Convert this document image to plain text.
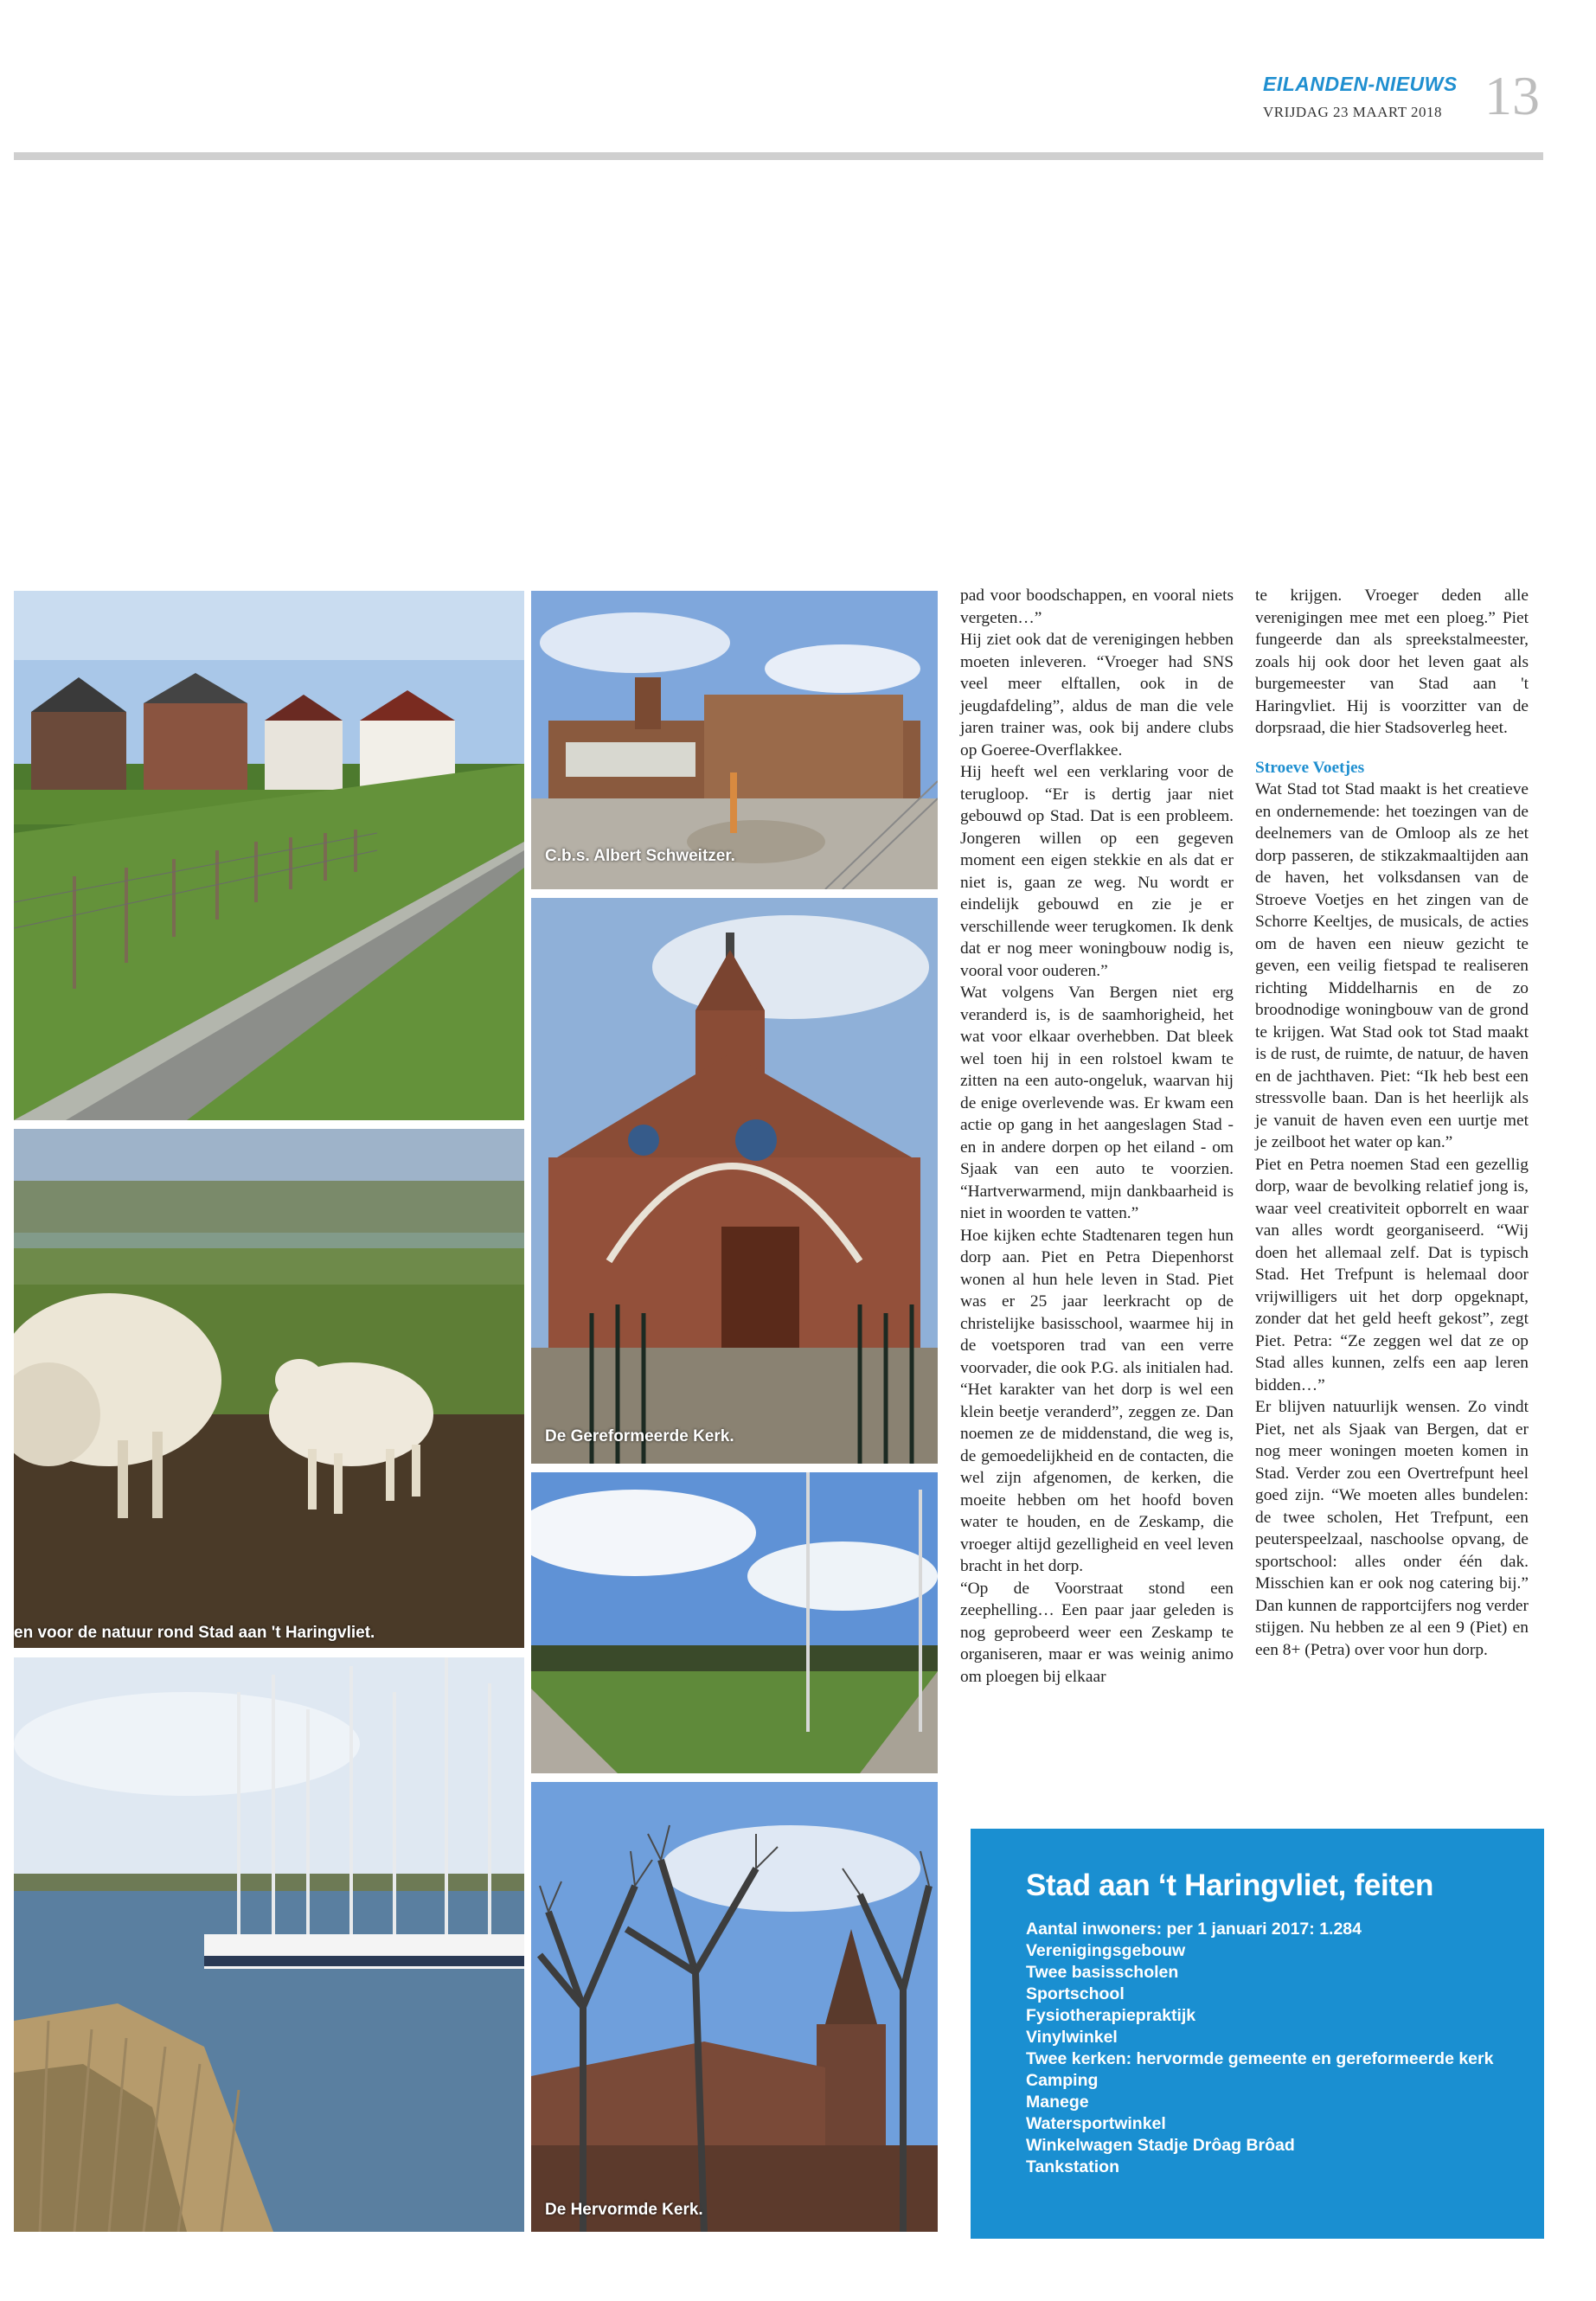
EILANDEN-NIEUWS
VRIJDAG 23 MAART 2018 13
en voor de natuur rond Stad aan 't Haringvliet.
C.b.s. Albert Schweitzer.
De Gereformeerde Kerk.
De Hervormde Kerk.

pad voor boodschappen, en vooral niets vergeten…”

Hij ziet ook dat de verenigingen hebben moeten inleveren. “Vroeger had SNS veel meer elftallen, ook in de jeugdafdeling”, aldus de man die vele jaren trainer was, ook bij andere clubs op Goeree-Overflakkee.

Hij heeft wel een verklaring voor de terugloop. “Er is dertig jaar niet gebouwd op Stad. Dat is een probleem. Jongeren willen op een gegeven moment een eigen stekkie en als dat er niet is, gaan ze weg. Nu wordt er eindelijk gebouwd en zie je er verschillende weer terugkomen. Ik denk dat er nog meer woningbouw nodig is, vooral voor ouderen.”

Wat volgens Van Bergen niet erg veranderd is, is de saamhorigheid, het wat voor elkaar overhebben. Dat bleek wel toen hij in een rolstoel kwam te zitten na een auto-ongeluk, waarvan hij de enige overlevende was. Er kwam een actie op gang in het aangeslagen Stad - en in andere dorpen op het eiland - om Sjaak van een auto te voorzien. “Hartverwarmend, mijn dankbaarheid is niet in woorden te vatten.”

Hoe kijken echte Stadtenaren tegen hun dorp aan. Piet en Petra Diepenhorst wonen al hun hele leven in Stad. Piet was er 25 jaar leerkracht op de christelijke basisschool, waarmee hij in de voetsporen trad van een verre voorvader, die ook P.G. als initialen had. “Het karakter van het dorp is wel een klein beetje veranderd”, zeggen ze. Dan noemen ze de middenstand, die weg is, de gemoedelijkheid en de contacten, die wel zijn afgenomen, de kerken, die moeite hebben om het hoofd boven water te houden, en de Zeskamp, die vroeger altijd gezelligheid en veel leven bracht in het dorp.

“Op de Voorstraat stond een zeephelling… Een paar jaar geleden is nog geprobeerd weer een Zeskamp te organiseren, maar er was weinig animo om ploegen bij elkaar

te krijgen. Vroeger deden alle verenigingen mee met een ploeg.” Piet fungeerde dan als spreekstalmeester, zoals hij ook door het leven gaat als burgemeester van Stad aan 't Haringvliet. Hij is voorzitter van de dorpsraad, die hier Stadsoverleg heet.

Stroeve Voetjes

Wat Stad tot Stad maakt is het creatieve en ondernemende: het toezingen van de deelnemers van de Omloop als ze het dorp passeren, de stikzakmaaltijden aan de haven, het volksdansen van de Stroeve Voetjes en het zingen van de Schorre Keeltjes, de musicals, de acties om de haven een nieuw gezicht te geven, een veilig fietspad te realiseren richting Middelharnis en de zo broodnodige woningbouw van de grond te krijgen. Wat Stad ook tot Stad maakt is de rust, de ruimte, de natuur, de haven en de jachthaven. Piet: “Ik heb best een stressvolle baan. Dan is het heerlijk als je vanuit de haven even een uurtje met je zeilboot het water op kan.”

Piet en Petra noemen Stad een gezellig dorp, waar de bevolking relatief jong is, waar veel creativiteit opborrelt en waar van alles wordt georganiseerd. “Wij doen het allemaal zelf. Dat is typisch Stad. Het Trefpunt is helemaal door vrijwilligers uit het dorp opgeknapt, zonder dat het geld heeft gekost”, zegt Piet. Petra: “Ze zeggen wel dat ze op Stad alles kunnen, zelfs een aap leren bidden…”

Er blijven natuurlijk wensen. Zo vindt Piet, net als Sjaak van Bergen, dat er nog meer woningen moeten komen in Stad. Verder zou een Overtrefpunt heel goed zijn. “We moeten alles bundelen: de twee scholen, Het Trefpunt, een peuterspeelzaal, naschoolse opvang, de sportschool: alles onder één dak. Misschien kan er ook nog catering bij.” Dan kunnen de rapportcijfers nog verder stijgen. Nu hebben ze al een 9 (Piet) en een 8+ (Petra) over voor hun dorp.

Stad aan ‘t Haringvliet, feiten
Aantal inwoners: per 1 januari 2017: 1.284
Verenigingsgebouw
Twee basisscholen
Sportschool
Fysiotherapiepraktijk
Vinylwinkel
Twee kerken: hervormde gemeente en gereformeerde kerk
Camping
Manege
Watersportwinkel
Winkelwagen Stadje Drôag Brôad
Tankstation
